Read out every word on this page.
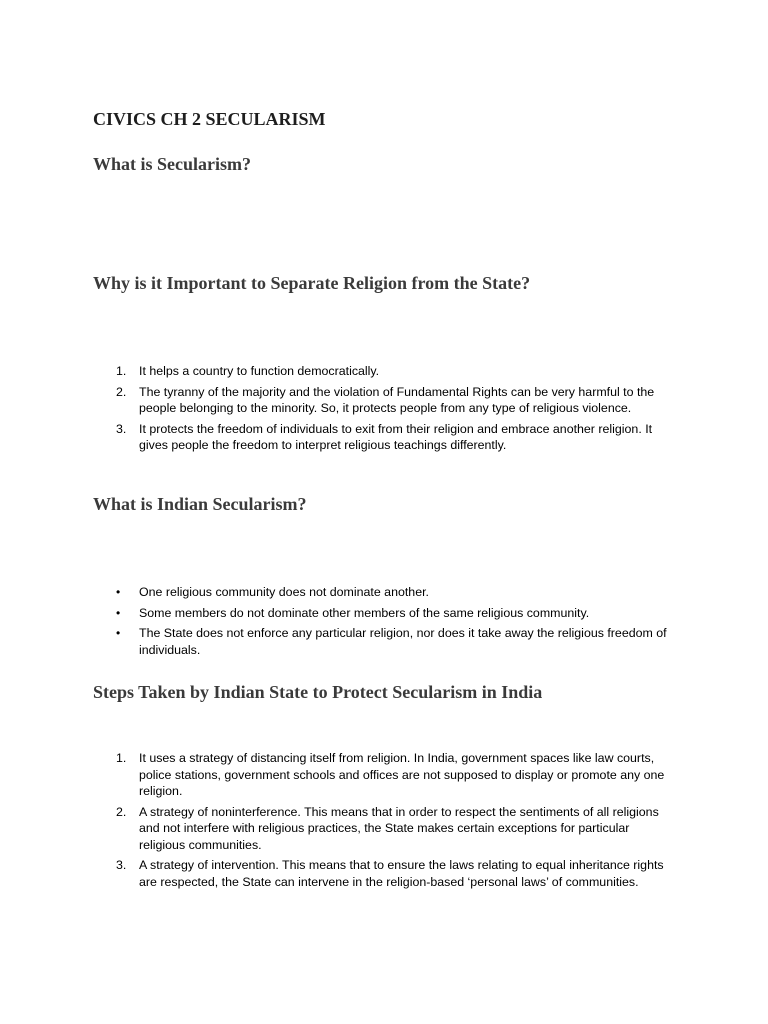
CIVICS CH 2 SECULARISM
What is Secularism?
Why is it Important to Separate Religion from the State?
1. It helps a country to function democratically.
2. The tyranny of the majority and the violation of Fundamental Rights can be very harmful to the people belonging to the minority. So, it protects people from any type of religious violence.
3. It protects the freedom of individuals to exit from their religion and embrace another religion. It gives people the freedom to interpret religious teachings differently.
What is Indian Secularism?
• One religious community does not dominate another.
• Some members do not dominate other members of the same religious community.
• The State does not enforce any particular religion, nor does it take away the religious freedom of individuals.
Steps Taken by Indian State to Protect Secularism in India
1. It uses a strategy of distancing itself from religion. In India, government spaces like law courts, police stations, government schools and offices are not supposed to display or promote any one religion.
2. A strategy of noninterference. This means that in order to respect the sentiments of all religions and not interfere with religious practices, the State makes certain exceptions for particular religious communities.
3. A strategy of intervention. This means that to ensure the laws relating to equal inheritance rights are respected, the State can intervene in the religion-based ‘personal laws’ of communities.
